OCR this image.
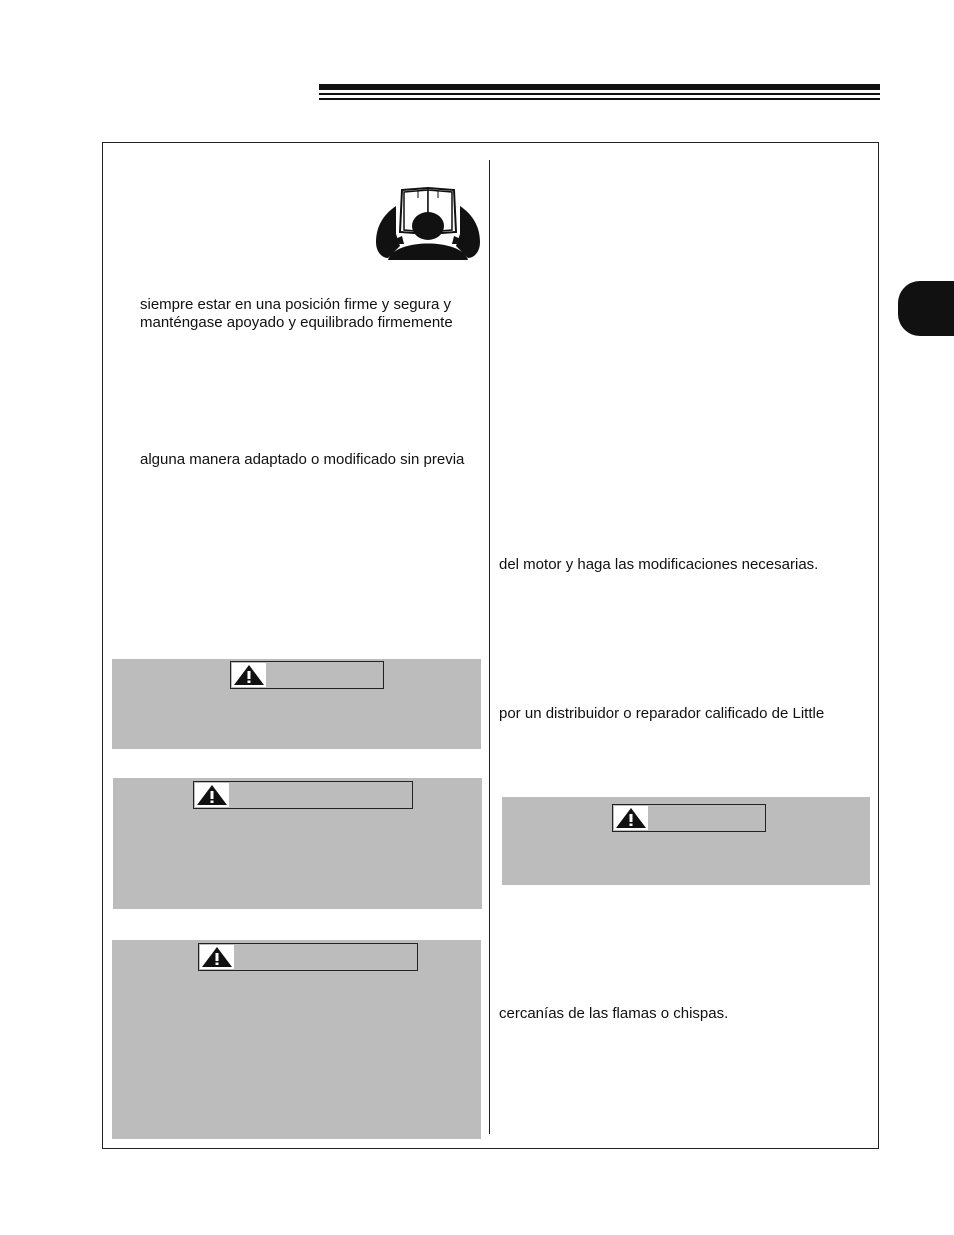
siempre estar en una posición firme y segura y

manténgase apoyado y equilibrado firmemente

alguna manera adaptado o modificado sin previa

del motor y haga las modificaciones necesarias.

por un distribuidor o reparador calificado de Little

cercanías de las flamas o chispas.
